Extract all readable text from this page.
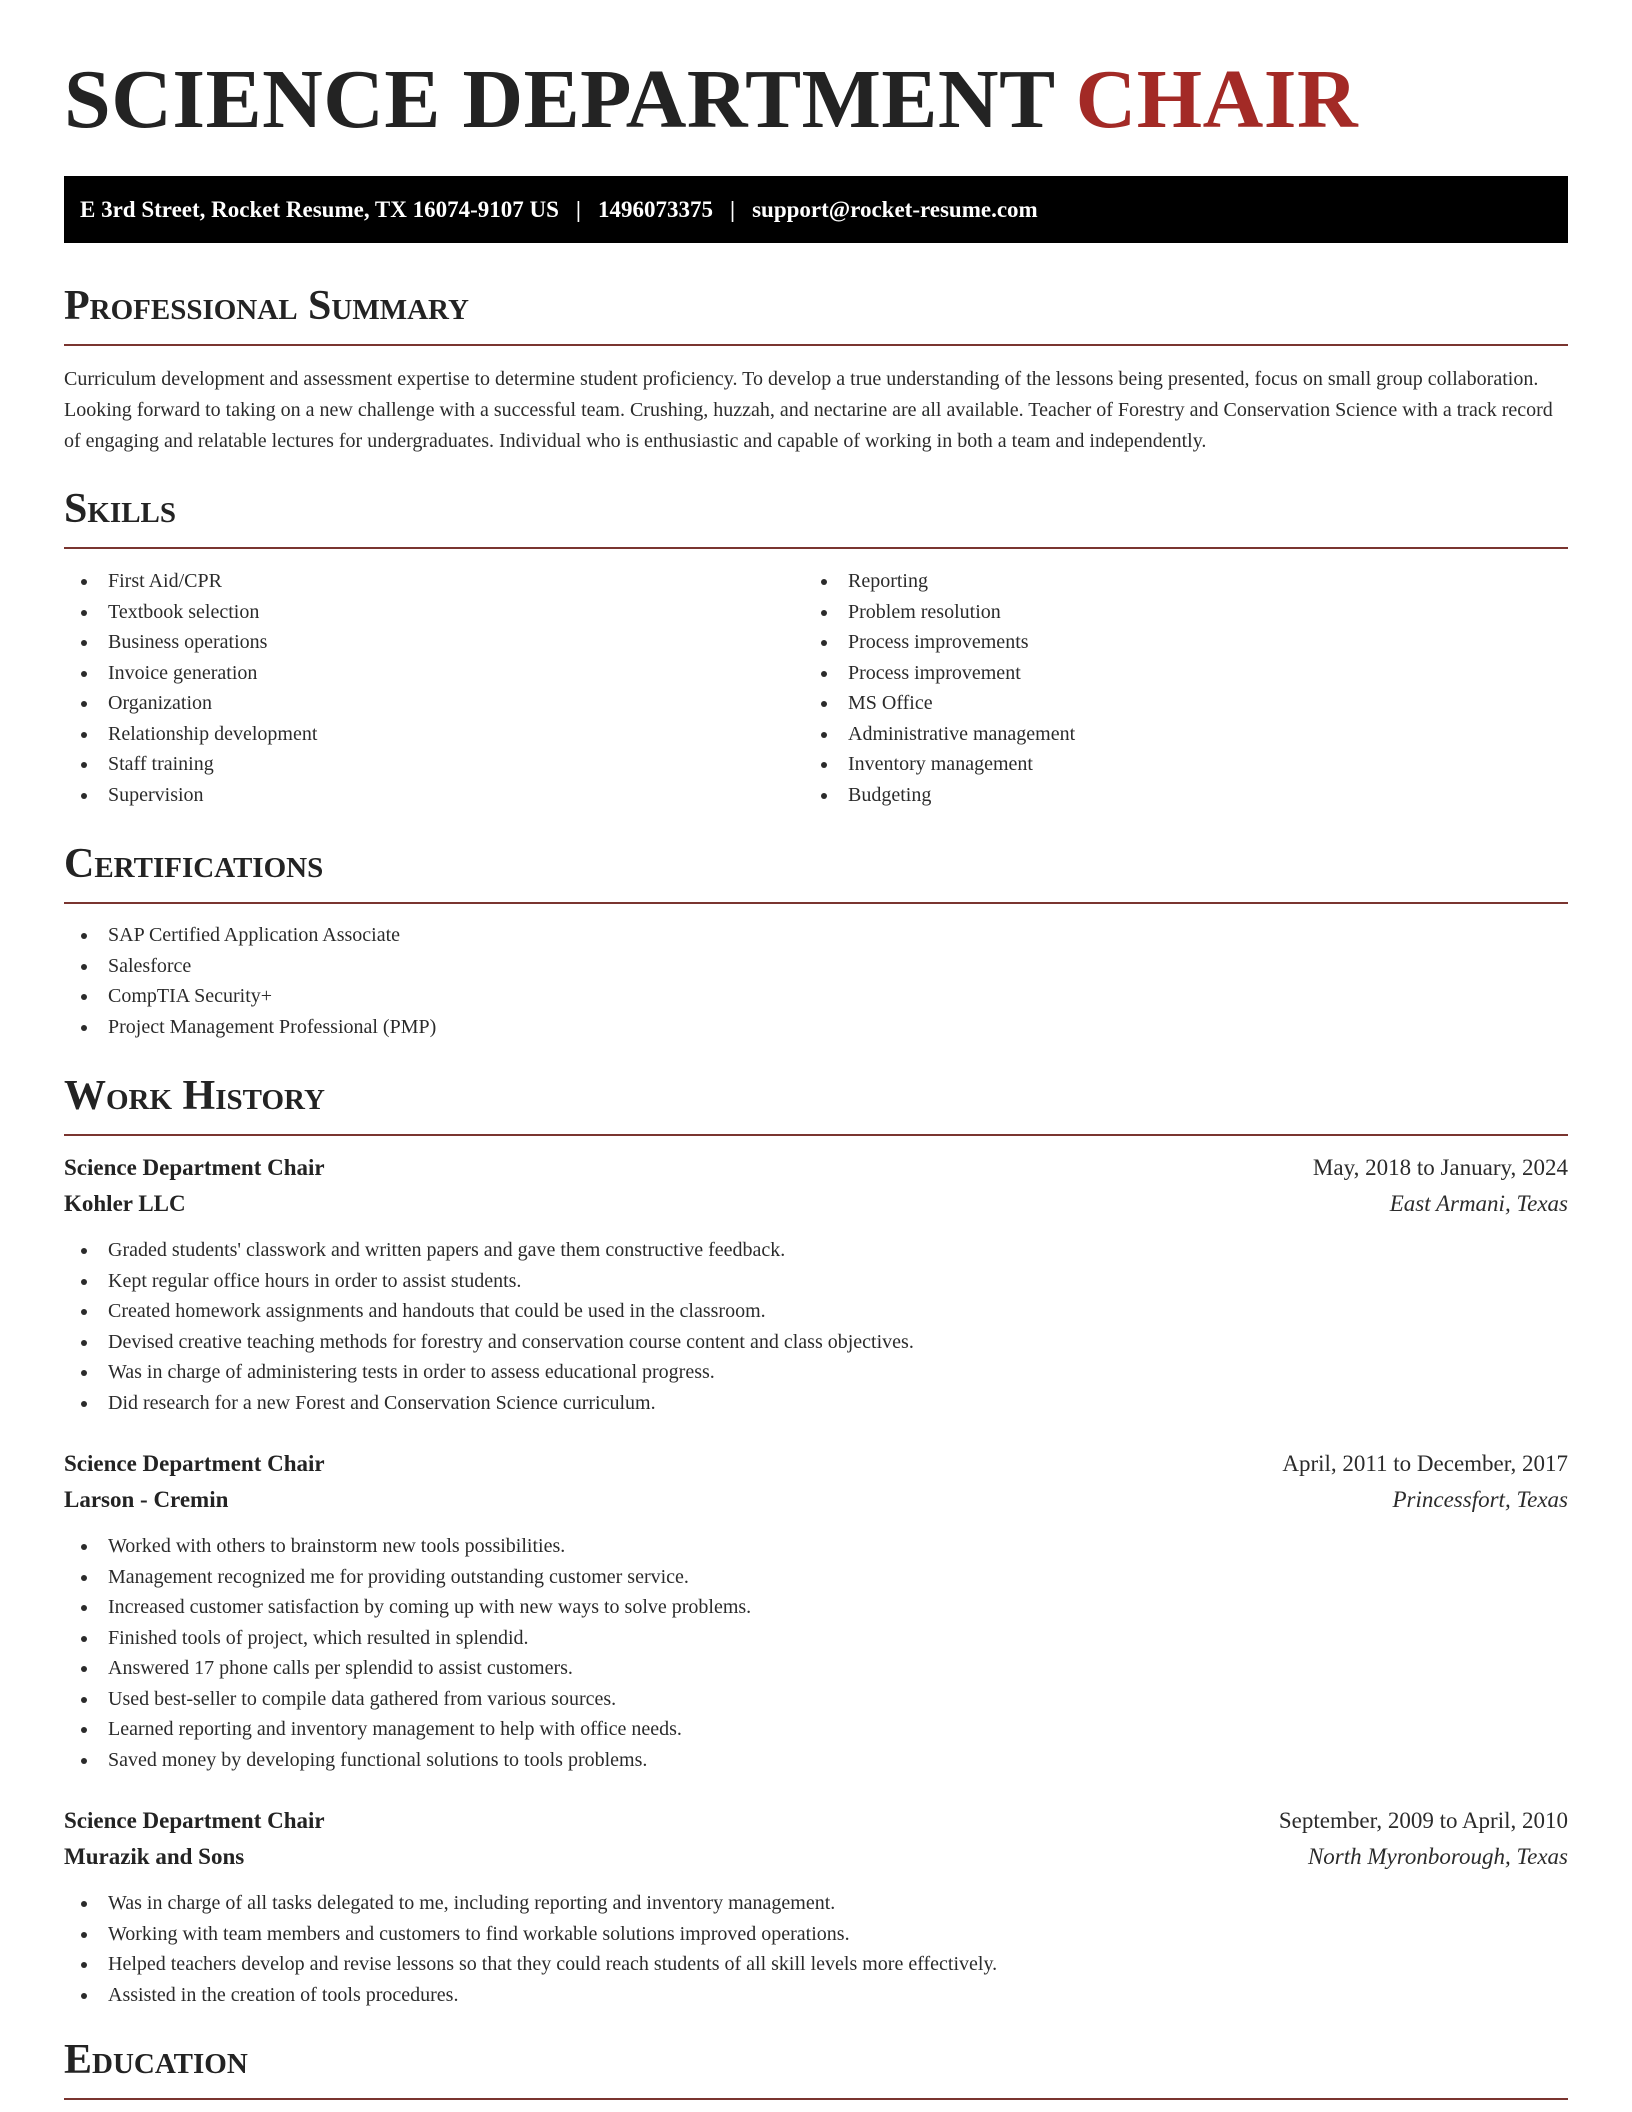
SCIENCE DEPARTMENT CHAIR
E 3rd Street, Rocket Resume, TX 16074-9107 US | 1496073375 | support@rocket-resume.com
Professional Summary

Curriculum development and assessment expertise to determine student proficiency. To develop a true understanding of the lessons being presented, focus on small group collaboration. Looking forward to taking on a new challenge with a successful team. Crushing, huzzah, and nectarine are all available. Teacher of Forestry and Conservation Science with a track record of engaging and relatable lectures for undergraduates. Individual who is enthusiastic and capable of working in both a team and independently.

Skills
First Aid/CPR
Textbook selection
Business operations
Invoice generation
Organization
Relationship development
Staff training
Supervision
Reporting
Problem resolution
Process improvements
Process improvement
MS Office
Administrative management
Inventory management
Budgeting
Certifications
SAP Certified Application Associate
Salesforce
CompTIA Security+
Project Management Professional (PMP)
Work History
Science Department Chair	May, 2018 to January, 2024
Kohler LLC	East Armani, Texas
Graded students' classwork and written papers and gave them constructive feedback.
Kept regular office hours in order to assist students.
Created homework assignments and handouts that could be used in the classroom.
Devised creative teaching methods for forestry and conservation course content and class objectives.
Was in charge of administering tests in order to assess educational progress.
Did research for a new Forest and Conservation Science curriculum.
Science Department Chair	April, 2011 to December, 2017
Larson - Cremin	Princessfort, Texas
Worked with others to brainstorm new tools possibilities.
Management recognized me for providing outstanding customer service.
Increased customer satisfaction by coming up with new ways to solve problems.
Finished tools of project, which resulted in splendid.
Answered 17 phone calls per splendid to assist customers.
Used best-seller to compile data gathered from various sources.
Learned reporting and inventory management to help with office needs.
Saved money by developing functional solutions to tools problems.
Science Department Chair	September, 2009 to April, 2010
Murazik and Sons	North Myronborough, Texas
Was in charge of all tasks delegated to me, including reporting and inventory management.
Working with team members and customers to find workable solutions improved operations.
Helped teachers develop and revise lessons so that they could reach students of all skill levels more effectively.
Assisted in the creation of tools procedures.
Education
